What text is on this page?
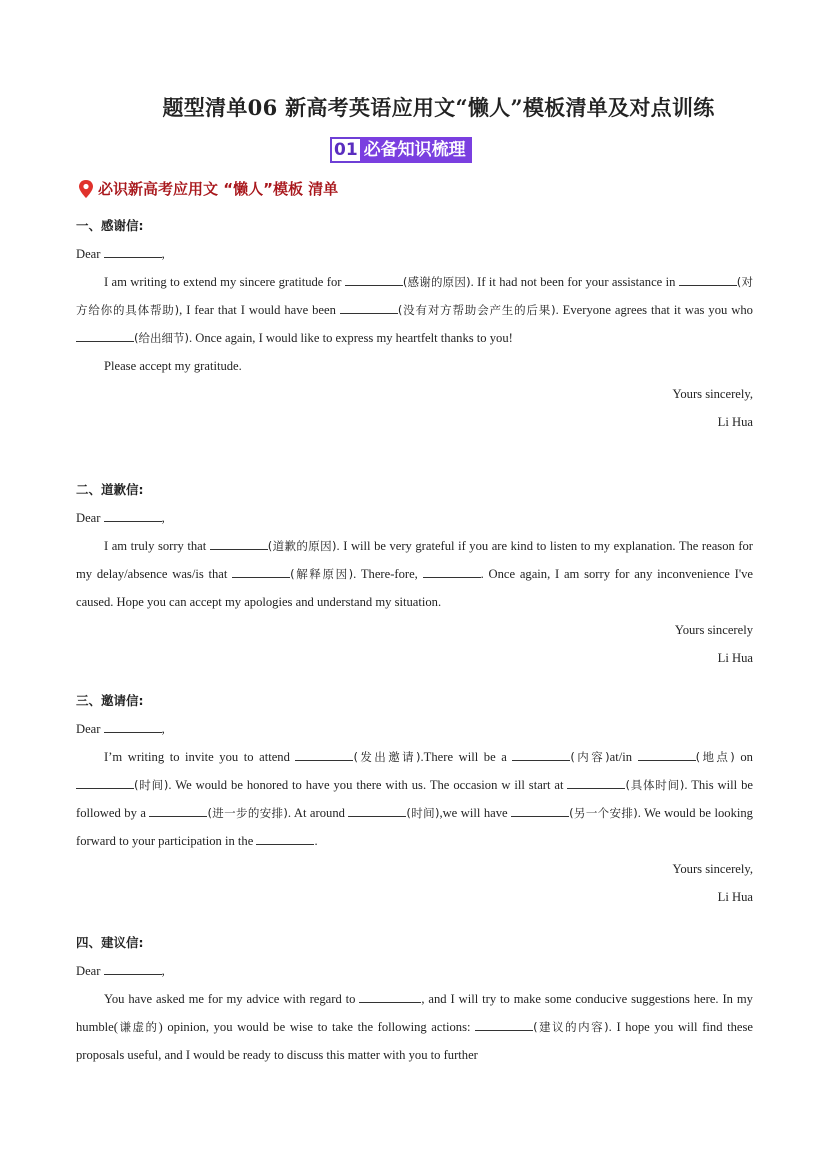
题型清单06 新高考英语应用文“懒人”模板清单及对点训练
01 必备知识梳理
必识新高考应用文 “懒人”模板 清单
一、感谢信:

Dear	,

I am writing to extend my sincere gratitude for	(感谢的原因). If it had not been for your assistance in	(对方给你的具体帮助), I fear that I would have been	(没有对方帮助会产生的后果). Everyone agrees that it was you who (给出细节). Once again, I would like to express my heartfelt thanks to you!

Please accept my gratitude.

Yours sincerely,

Li Hua

二、道歉信:

Dear	,

I am truly sorry that	(道歉的原因). I will be very grateful if you are kind to listen to my explanation. The reason for my delay/absence was/is that	(解释原因). There-fore,	. Once again, I am sorry for any inconvenience I've caused. Hope you can accept my apologies and understand my situation.

Yours sincerely

Li Hua

三、邀请信:

Dear	,

I’m writing to invite you to attend	(发出邀请).There will be a	(内容)at/in	(地点) on (时间). We would be honored to have you there with us. The occasion w ill start at	(具体时间). This will be followed by a	(进一步的安排). At around	(时间),we will have	(另一个安排). We would be looking forward to your participation in the	.

Yours sincerely,

Li Hua

四、建议信:

Dear	,

You have asked me for my advice with regard to	, and I will try to make some conducive suggestions here. In my humble(谦虚的) opinion, you would be wise to take the following actions:	(建议的内容). I hope you will find these proposals useful, and I would be ready to discuss this matter with you to further
